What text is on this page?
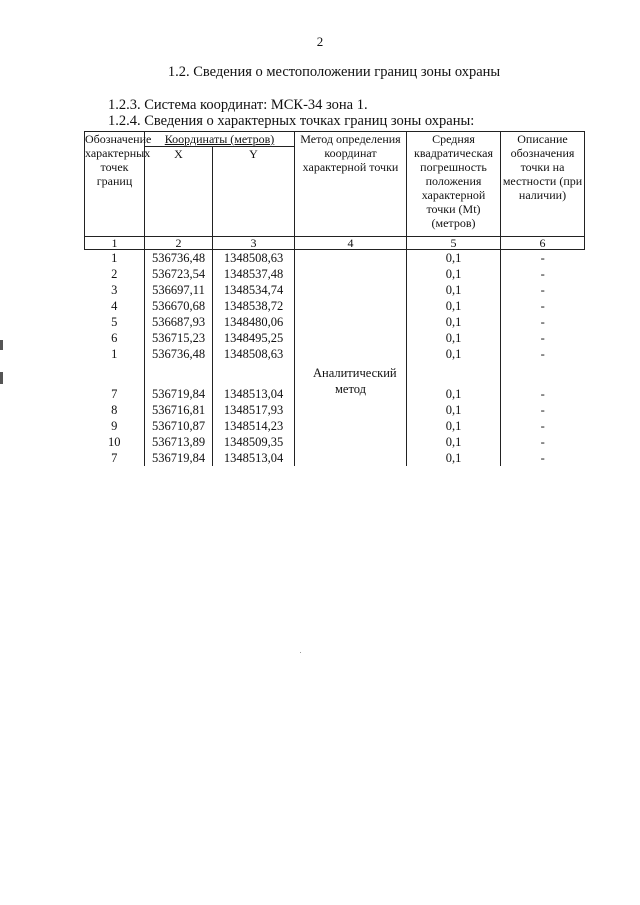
2
1.2. Сведения о местоположении границ зоны охраны
1.2.3. Система координат: МСК-34 зона 1.
1.2.4. Сведения о характерных точках границ зоны охраны:
Обозначение характерных точек границ	Координаты (метров)		Метод определения координат характерной точки	Средняя квадратическая погрешность положения характерной точки (Mt) (метров)	Описание обозначения точки на местности (при наличии)
	X	Y			
1	2	3	4	5	6
1	536736,48	1348508,63	Аналитический метод	0,1	-
2	536723,54	1348537,48		0,1	-
3	536697,11	1348534,74		0,1	-
4	536670,68	1348538,72		0,1	-
5	536687,93	1348480,06		0,1	-
6	536715,23	1348495,25		0,1	-
1	536736,48	1348508,63		0,1	-

7	536719,84	1348513,04		0,1	-
8	536716,81	1348517,93		0,1	-
9	536710,87	1348514,23		0,1	-
10	536713,89	1348509,35		0,1	-
7	536719,84	1348513,04		0,1	-
